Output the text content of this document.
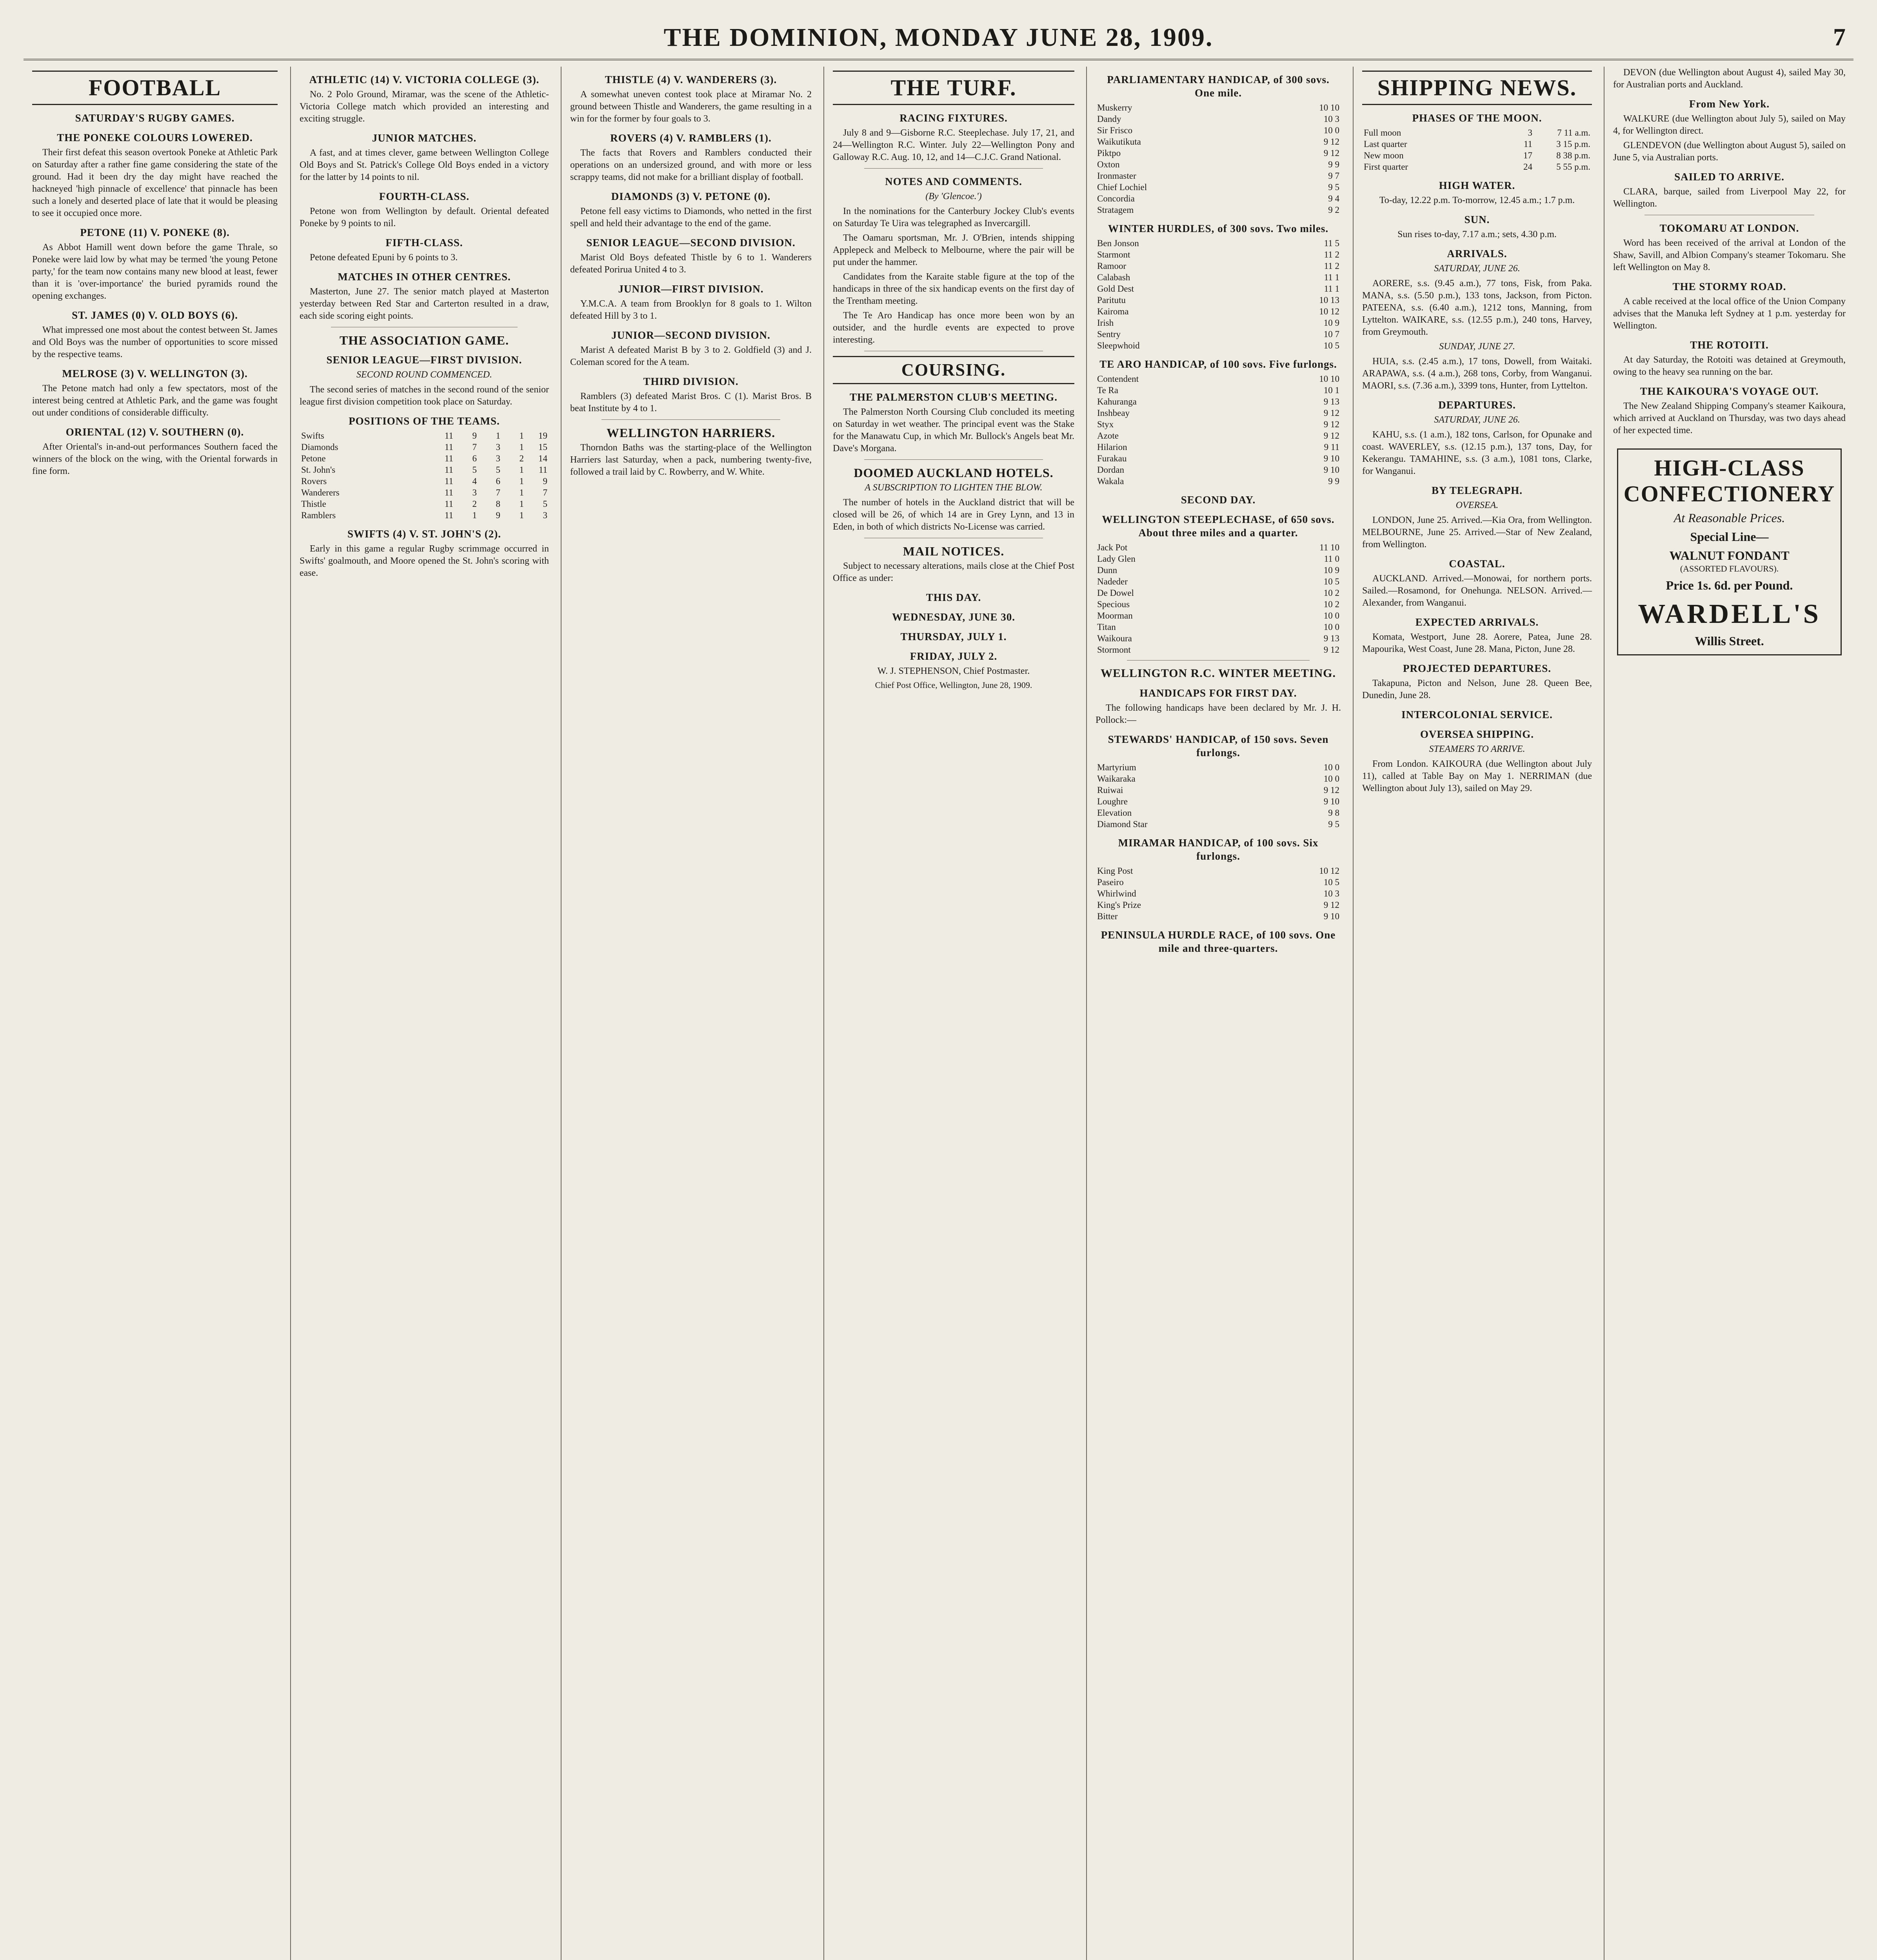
THE DOMINION, MONDAY JUNE 28, 1909.	7
FOOTBALL
SATURDAY'S RUGBY GAMES.
THE PONEKE COLOURS LOWERED.

Their first defeat this season overtook Poneke at Athletic Park on Saturday after a rather fine game considering the state of the ground. Had it been dry the day might have reached the hackneyed 'high pinnacle of excellence' that pinnacle has been such a lonely and deserted place of late that it would be pleasing to see it occupied once more.

PETONE (11) V. PONEKE (8).

As Abbot Hamill went down before the game Thrale, so Poneke were laid low by what may be termed 'the young Petone party,' for the team now contains many new blood at least, fewer than it is 'over-importance' the buried pyramids round the opening exchanges.

ST. JAMES (0) V. OLD BOYS (6).

What impressed one most about the contest between St. James and Old Boys was the number of opportunities to score missed by the respective teams.

MELROSE (3) V. WELLINGTON (3).

The Petone match had only a few spectators, most of the interest being centred at Athletic Park, and the game was fought out under conditions of considerable difficulty.

ORIENTAL (12) V. SOUTHERN (0).

After Oriental's in-and-out performances Southern faced the winners of the block on the wing, with the Oriental forwards in fine form.

ATHLETIC (14) V. VICTORIA COLLEGE (3).

No. 2 Polo Ground, Miramar, was the scene of the Athletic-Victoria College match which provided an interesting and exciting struggle.

JUNIOR MATCHES.

A fast, and at times clever, game between Wellington College Old Boys and St. Patrick's College Old Boys ended in a victory for the latter by 14 points to nil.

FOURTH-CLASS.

Petone won from Wellington by default. Oriental defeated Poneke by 9 points to nil.

FIFTH-CLASS.

Petone defeated Epuni by 6 points to 3.

MATCHES IN OTHER CENTRES.

Masterton, June 27. The senior match played at Masterton yesterday between Red Star and Carterton resulted in a draw, each side scoring eight points.

THE ASSOCIATION GAME.
SENIOR LEAGUE—FIRST DIVISION.
SECOND ROUND COMMENCED.

The second series of matches in the second round of the senior league first division competition took place on Saturday.

POSITIONS OF THE TEAMS.
Swifts	11	9	1	1	19
Diamonds	11	7	3	1	15
Petone	11	6	3	2	14
St. John's	11	5	5	1	11
Rovers	11	4	6	1	9
Wanderers	11	3	7	1	7
Thistle	11	2	8	1	5
Ramblers	11	1	9	1	3
SWIFTS (4) V. ST. JOHN'S (2).

Early in this game a regular Rugby scrimmage occurred in Swifts' goalmouth, and Moore opened the St. John's scoring with ease.

THISTLE (4) V. WANDERERS (3).

A somewhat uneven contest took place at Miramar No. 2 ground between Thistle and Wanderers, the game resulting in a win for the former by four goals to 3.

ROVERS (4) V. RAMBLERS (1).

The facts that Rovers and Ramblers conducted their operations on an undersized ground, and with more or less scrappy teams, did not make for a brilliant display of football.

DIAMONDS (3) V. PETONE (0).

Petone fell easy victims to Diamonds, who netted in the first spell and held their advantage to the end of the game.

SENIOR LEAGUE—SECOND DIVISION.

Marist Old Boys defeated Thistle by 6 to 1. Wanderers defeated Porirua United 4 to 3.

JUNIOR—FIRST DIVISION.

Y.M.C.A. A team from Brooklyn for 8 goals to 1. Wilton defeated Hill by 3 to 1.

JUNIOR—SECOND DIVISION.

Marist A defeated Marist B by 3 to 2. Goldfield (3) and J. Coleman scored for the A team.

THIRD DIVISION.

Ramblers (3) defeated Marist Bros. C (1). Marist Bros. B beat Institute by 4 to 1.

WELLINGTON HARRIERS.

Thorndon Baths was the starting-place of the Wellington Harriers last Saturday, when a pack, numbering twenty-five, followed a trail laid by C. Rowberry, and W. White.

THE TURF.
RACING FIXTURES.

July 8 and 9—Gisborne R.C. Steeplechase. July 17, 21, and 24—Wellington R.C. Winter. July 22—Wellington Pony and Galloway R.C. Aug. 10, 12, and 14—C.J.C. Grand National.

NOTES AND COMMENTS.
(By 'Glencoe.')

In the nominations for the Canterbury Jockey Club's events on Saturday Te Uira was telegraphed as Invercargill.

The Oamaru sportsman, Mr. J. O'Brien, intends shipping Applepeck and Melbeck to Melbourne, where the pair will be put under the hammer.

Candidates from the Karaite stable figure at the top of the handicaps in three of the six handicap events on the first day of the Trentham meeting.

The Te Aro Handicap has once more been won by an outsider, and the hurdle events are expected to prove interesting.

COURSING.
THE PALMERSTON CLUB'S MEETING.

The Palmerston North Coursing Club concluded its meeting on Saturday in wet weather. The principal event was the Stake for the Manawatu Cup, in which Mr. Bullock's Angels beat Mr. Dave's Morgana.

DOOMED AUCKLAND HOTELS.
A SUBSCRIPTION TO LIGHTEN THE BLOW.

The number of hotels in the Auckland district that will be closed will be 26, of which 14 are in Grey Lynn, and 13 in Eden, in both of which districts No-License was carried.

MAIL NOTICES.

Subject to necessary alterations, mails close at the Chief Post Office as under:

THIS DAY.
WEDNESDAY, JUNE 30.
THURSDAY, JULY 1.
FRIDAY, JULY 2.

W. J. STEPHENSON, Chief Postmaster.

Chief Post Office, Wellington, June 28, 1909.

PARLIAMENTARY HANDICAP, of 300 sovs. One mile.
Muskerry	10 10
Dandy	10 3
Sir Frisco	10 0
Waikutikuta	9 12
Piktpo	9 12
Oxton	9 9
Ironmaster	9 7
Chief Lochiel	9 5
Concordia	9 4
Stratagem	9 2
WINTER HURDLES, of 300 sovs. Two miles.
Ben Jonson	11 5
Starmont	11 2
Ramoor	11 2
Calabash	11 1
Gold Dest	11 1
Paritutu	10 13
Kairoma	10 12
Irish	10 9
Sentry	10 7
Sleepwhoid	10 5
TE ARO HANDICAP, of 100 sovs. Five furlongs.
Contendent	10 10
Te Ra	10 1
Kahuranga	9 13
Inshbeay	9 12
Styx	9 12
Azote	9 12
Hilarion	9 11
Furakau	9 10
Dordan	9 10
Wakala	9 9
SECOND DAY.
WELLINGTON STEEPLECHASE, of 650 sovs. About three miles and a quarter.
Jack Pot	11 10
Lady Glen	11 0
Dunn	10 9
Nadeder	10 5
De Dowel	10 2
Specious	10 2
Moorman	10 0
Titan	10 0
Waikoura	9 13
Stormont	9 12
WELLINGTON R.C. WINTER MEETING.
HANDICAPS FOR FIRST DAY.

The following handicaps have been declared by Mr. J. H. Pollock:—

STEWARDS' HANDICAP, of 150 sovs. Seven furlongs.
Martyrium	10 0
Waikaraka	10 0
Ruiwai	9 12
Loughre	9 10
Elevation	9 8
Diamond Star	9 5
MIRAMAR HANDICAP, of 100 sovs. Six furlongs.
King Post	10 12
Paseiro	10 5
Whirlwind	10 3
King's Prize	9 12
Bitter	9 10
PENINSULA HURDLE RACE, of 100 sovs. One mile and three-quarters.
SHIPPING NEWS.
PHASES OF THE MOON.
Full moon	3	7 11 a.m.
Last quarter	11	3 15 p.m.
New moon	17	8 38 p.m.
First quarter	24	5 55 p.m.
HIGH WATER.

To-day, 12.22 p.m. To-morrow, 12.45 a.m.; 1.7 p.m.

SUN.

Sun rises to-day, 7.17 a.m.; sets, 4.30 p.m.

ARRIVALS.
SATURDAY, JUNE 26.

AORERE, s.s. (9.45 a.m.), 77 tons, Fisk, from Paka. MANA, s.s. (5.50 p.m.), 133 tons, Jackson, from Picton. PATEENA, s.s. (6.40 a.m.), 1212 tons, Manning, from Lyttelton. WAIKARE, s.s. (12.55 p.m.), 240 tons, Harvey, from Greymouth.

SUNDAY, JUNE 27.

HUIA, s.s. (2.45 a.m.), 17 tons, Dowell, from Waitaki. ARAPAWA, s.s. (4 a.m.), 268 tons, Corby, from Wanganui. MAORI, s.s. (7.36 a.m.), 3399 tons, Hunter, from Lyttelton.

DEPARTURES.
SATURDAY, JUNE 26.

KAHU, s.s. (1 a.m.), 182 tons, Carlson, for Opunake and coast. WAVERLEY, s.s. (12.15 p.m.), 137 tons, Day, for Kekerangu. TAMAHINE, s.s. (3 a.m.), 1081 tons, Clarke, for Wanganui.

BY TELEGRAPH.
OVERSEA.

LONDON, June 25. Arrived.—Kia Ora, from Wellington. MELBOURNE, June 25. Arrived.—Star of New Zealand, from Wellington.

COASTAL.

AUCKLAND. Arrived.—Monowai, for northern ports. Sailed.—Rosamond, for Onehunga. NELSON. Arrived.—Alexander, from Wanganui.

EXPECTED ARRIVALS.

Komata, Westport, June 28. Aorere, Patea, June 28. Mapourika, West Coast, June 28. Mana, Picton, June 28.

PROJECTED DEPARTURES.

Takapuna, Picton and Nelson, June 28. Queen Bee, Dunedin, June 28.

INTERCOLONIAL SERVICE.
OVERSEA SHIPPING.
STEAMERS TO ARRIVE.

From London. KAIKOURA (due Wellington about July 11), called at Table Bay on May 1. NERRIMAN (due Wellington about July 13), sailed on May 29.

DEVON (due Wellington about August 4), sailed May 30, for Australian ports and Auckland.

From New York.

WALKURE (due Wellington about July 5), sailed on May 4, for Wellington direct.

GLENDEVON (due Wellington about August 5), sailed on June 5, via Australian ports.

SAILED TO ARRIVE.

CLARA, barque, sailed from Liverpool May 22, for Wellington.

TOKOMARU AT LONDON.

Word has been received of the arrival at London of the Shaw, Savill, and Albion Company's steamer Tokomaru. She left Wellington on May 8.

THE STORMY ROAD.

A cable received at the local office of the Union Company advises that the Manuka left Sydney at 1 p.m. yesterday for Wellington.

THE ROTOITI.

At day Saturday, the Rotoiti was detained at Greymouth, owing to the heavy sea running on the bar.

THE KAIKOURA'S VOYAGE OUT.

The New Zealand Shipping Company's steamer Kaikoura, which arrived at Auckland on Thursday, was two days ahead of her expected time.

HIGH-CLASS
CONFECTIONERY
At Reasonable Prices.
Special Line—
WALNUT FONDANT
(ASSORTED FLAVOURS).
Price 1s. 6d. per Pound.
WARDELL'S
Willis Street.
